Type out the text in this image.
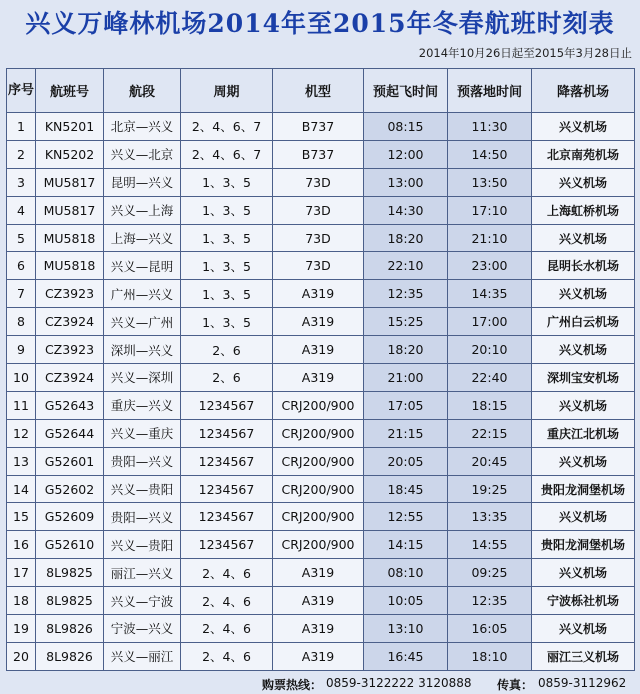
兴义万峰林机场2014年至2015年冬春航班时刻表
2014年10月26日起至2015年3月28日止
序号	航班号	航段	周期	机型	预起飞时间	预落地时间	降落机场
1	KN5201	北京—兴义	2、4、6、7	B737	08:15	11:30	兴义机场
2	KN5202	兴义—北京	2、4、6、7	B737	12:00	14:50	北京南苑机场
3	MU5817	昆明—兴义	1、3、5	73D	13:00	13:50	兴义机场
4	MU5817	兴义—上海	1、3、5	73D	14:30	17:10	上海虹桥机场
5	MU5818	上海—兴义	1、3、5	73D	18:20	21:10	兴义机场
6	MU5818	兴义—昆明	1、3、5	73D	22:10	23:00	昆明长水机场
7	CZ3923	广州—兴义	1、3、5	A319	12:35	14:35	兴义机场
8	CZ3924	兴义—广州	1、3、5	A319	15:25	17:00	广州白云机场
9	CZ3923	深圳—兴义	2、6	A319	18:20	20:10	兴义机场
10	CZ3924	兴义—深圳	2、6	A319	21:00	22:40	深圳宝安机场
11	G52643	重庆—兴义	1234567	CRJ200/900	17:05	18:15	兴义机场
12	G52644	兴义—重庆	1234567	CRJ200/900	21:15	22:15	重庆江北机场
13	G52601	贵阳—兴义	1234567	CRJ200/900	20:05	20:45	兴义机场
14	G52602	兴义—贵阳	1234567	CRJ200/900	18:45	19:25	贵阳龙洞堡机场
15	G52609	贵阳—兴义	1234567	CRJ200/900	12:55	13:35	兴义机场
16	G52610	兴义—贵阳	1234567	CRJ200/900	14:15	14:55	贵阳龙洞堡机场
17	8L9825	丽江—兴义	2、4、6	A319	08:10	09:25	兴义机场
18	8L9825	兴义—宁波	2、4、6	A319	10:05	12:35	宁波栎社机场
19	8L9826	宁波—兴义	2、4、6	A319	13:10	16:05	兴义机场
20	8L9826	兴义—丽江	2、4、6	A319	16:45	18:10	丽江三义机场
购票热线： 0859-3122222 3120888 传真： 0859-3112962
